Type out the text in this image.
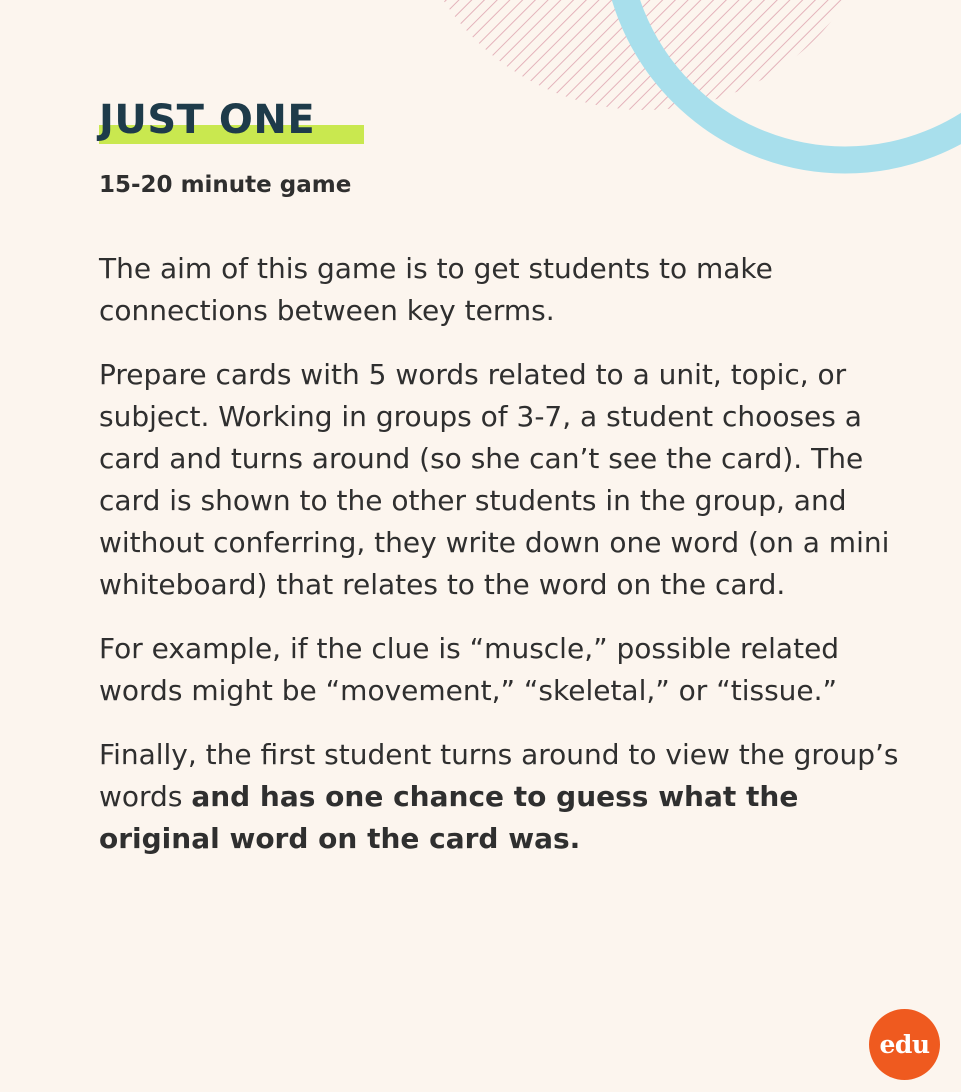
JUST ONE

15-20 minute game

The aim of this game is to get students to make connections between key terms.

Prepare cards with 5 words related to a unit, topic, or subject. Working in groups of 3-7, a student chooses a card and turns around (so she can’t see the card). The card is shown to the other students in the group, and without conferring, they write down one word (on a mini whiteboard) that relates to the word on the card.

For example, if the clue is “muscle,” possible related words might be “movement,” “skeletal,” or “tissue.”

Finally, the first student turns around to view the group’s words and has one chance to guess what the original word on the card was.

edu
